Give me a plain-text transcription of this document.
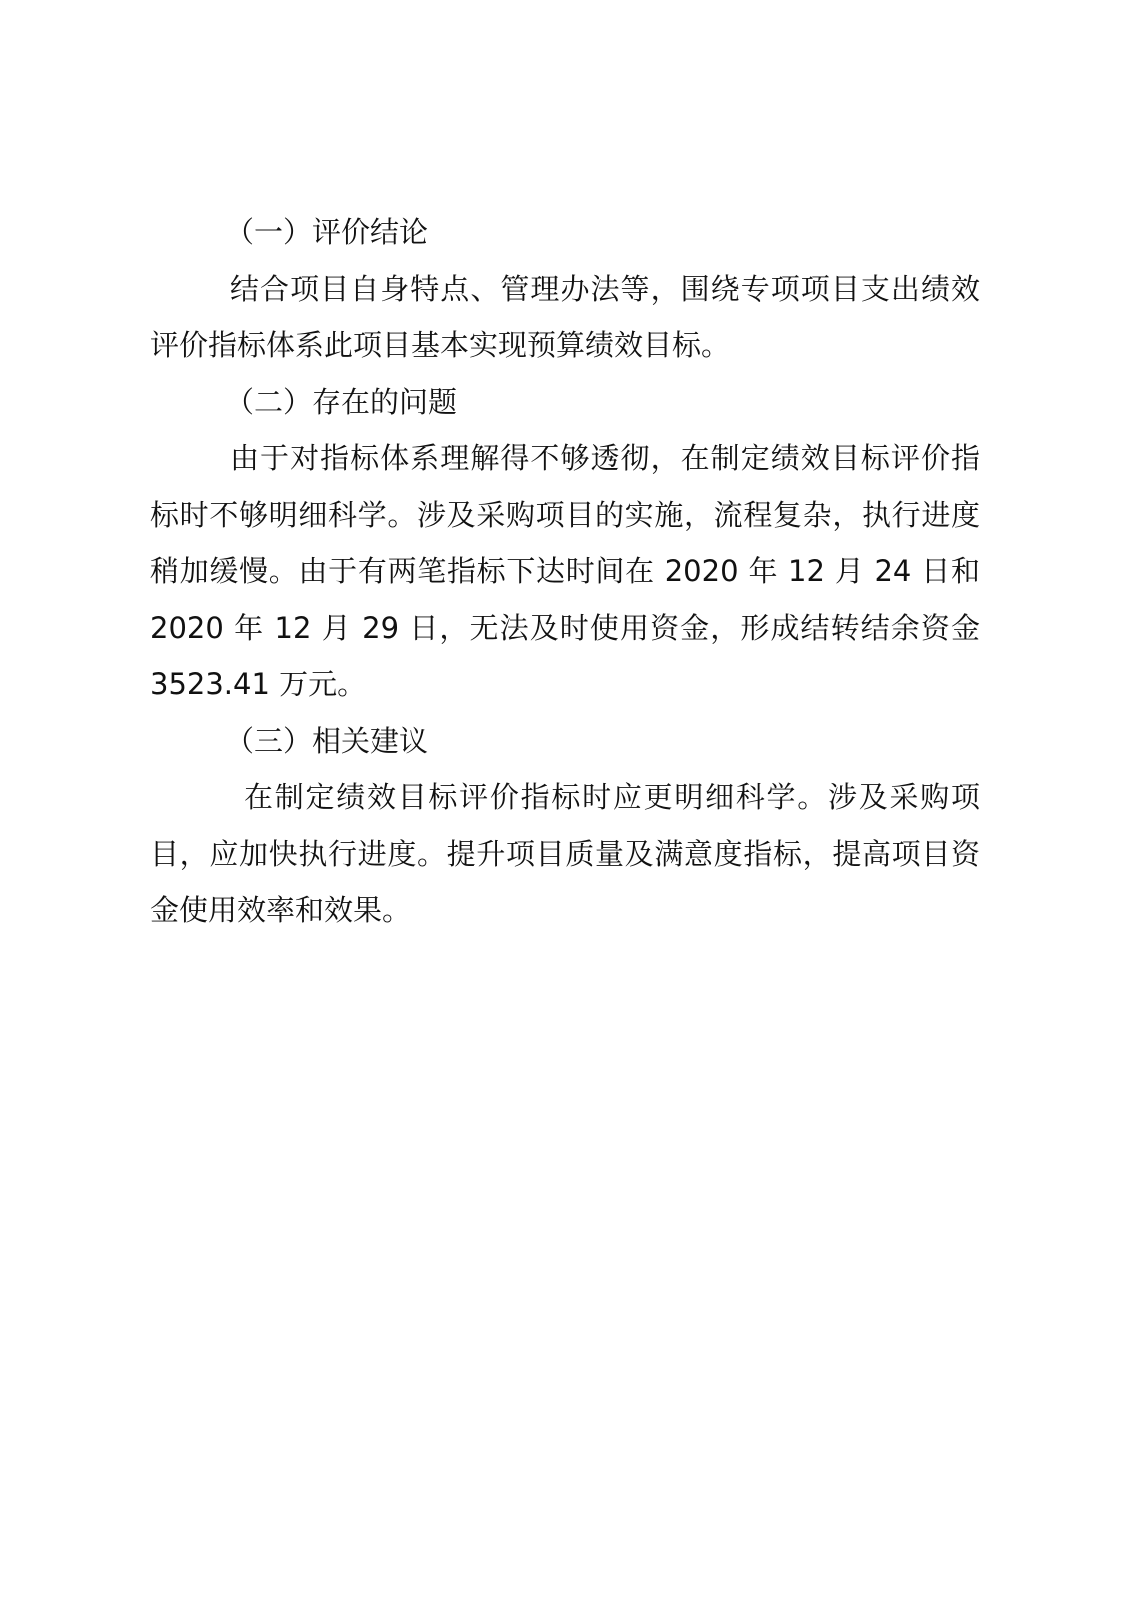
（一）评价结论

结合项目自身特点、管理办法等，围绕专项项目支出绩效评价指标体系此项目基本实现预算绩效目标。

（二）存在的问题

由于对指标体系理解得不够透彻，在制定绩效目标评价指标时不够明细科学。涉及采购项目的实施，流程复杂，执行进度稍加缓慢。由于有两笔指标下达时间在 2020 年 12 月 24 日和 2020 年 12 月 29 日，无法及时使用资金，形成结转结余资金 3523.41 万元。

（三）相关建议

在制定绩效目标评价指标时应更明细科学。涉及采购项目，应加快执行进度。提升项目质量及满意度指标，提高项目资金使用效率和效果。
